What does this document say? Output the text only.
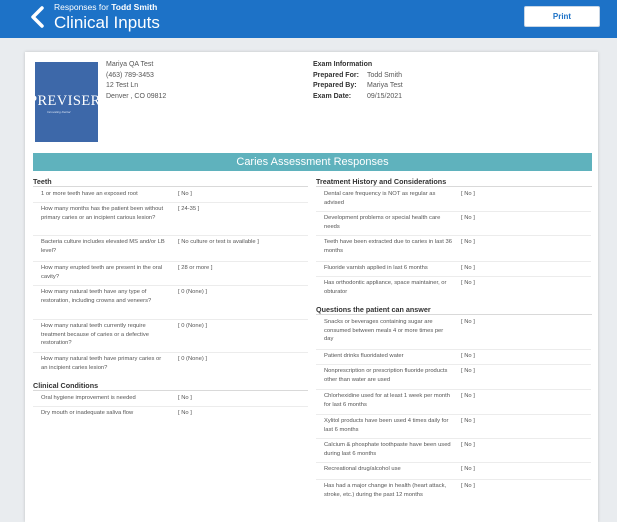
Responses for Todd Smith
Clinical Inputs	Print
PREVISER
Innovating Dental
Mariya QA Test
(463) 789-3453
12 Test Ln
Denver , CO 09812
Exam Information
Prepared For: Todd Smith
Prepared By: Mariya Test
Exam Date: 09/15/2021
Caries Assessment Responses
Teeth
Clinical Conditions
Treatment History and Considerations
Questions the patient can answer
1 or more teeth have an exposed root	[ No ]
How many months has the patient been without primary caries or an incipient carious lesion?
[ 24-35 ]
Bacteria culture includes elevated MS and/or LB level?
[ No culture or test is available ]
How many erupted teeth are present in the oral cavity?
[ 28 or more ]
How many natural teeth have any type of restoration, including crowns and veneers?
[ 0 (None) ]
How many natural teeth currently require treatment because of caries or a defective restoration?
[ 0 (None) ]
How many natural teeth have primary caries or an incipient caries lesion?
[ 0 (None) ]
Oral hygiene improvement is needed	[ No ]
Dry mouth or inadequate saliva flow	[ No ]
Dental care frequency is NOT as regular as advised
[ No ]
Development problems or special health care needs
[ No ]
Teeth have been extracted due to caries in last 36 months
[ No ]
Fluoride varnish applied in last 6 months	[ No ]
Has orthodontic appliance, space maintainer, or obturator
[ No ]
Snacks or beverages containing sugar are consumed between meals 4 or more times per day
[ No ]
Patient drinks fluoridated water	[ No ]
Nonprescription or prescription fluoride products other than water are used
[ No ]
Chlorhexidine used for at least 1 week per month for last 6 months
[ No ]
Xylitol products have been used 4 times daily for last 6 months
[ No ]
Calcium & phosphate toothpaste have been used during last 6 months
[ No ]
Recreational drug/alcohol use	[ No ]
Has had a major change in health (heart attack, stroke, etc.) during the past 12 months
[ No ]
